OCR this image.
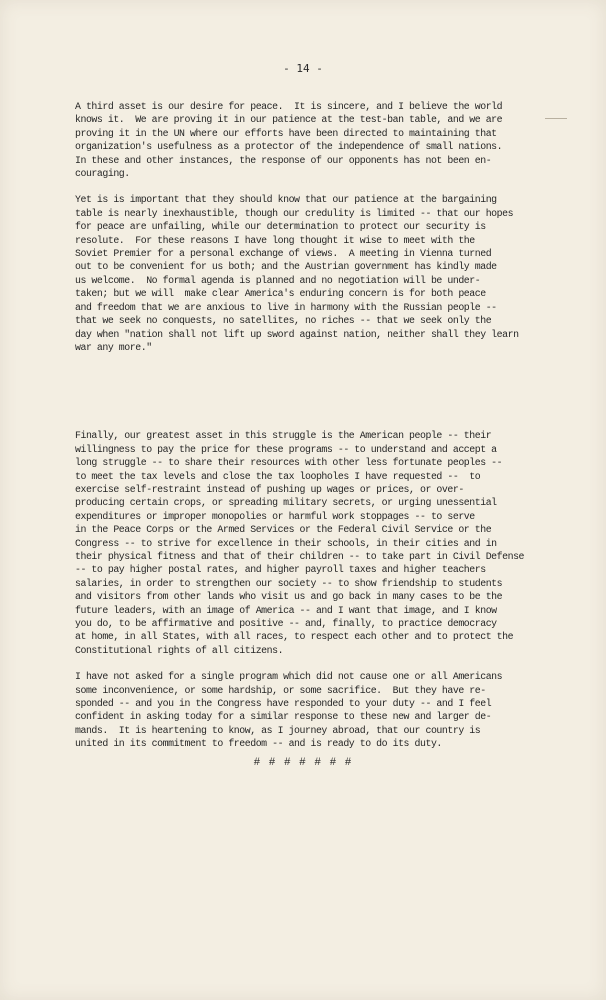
- 14 -
A third asset is our desire for peace.  It is sincere, and I believe the world
knows it.  We are proving it in our patience at the test-ban table, and we are
proving it in the UN where our efforts have been directed to maintaining that
organization's usefulness as a protector of the independence of small nations.
In these and other instances, the response of our opponents has not been en-
couraging.
Yet is is important that they should know that our patience at the bargaining
table is nearly inexhaustible, though our credulity is limited -- that our hopes
for peace are unfailing, while our determination to protect our security is
resolute.  For these reasons I have long thought it wise to meet with the
Soviet Premier for a personal exchange of views.  A meeting in Vienna turned
out to be convenient for us both; and the Austrian government has kindly made
us welcome.  No formal agenda is planned and no negotiation will be under-
taken; but we will  make clear America's enduring concern is for both peace
and freedom that we are anxious to live in harmony with the Russian people --
that we seek no conquests, no satellites, no riches -- that we seek only the
day when "nation shall not lift up sword against nation, neither shall they learn
war any more."
Finally, our greatest asset in this struggle is the American people -- their
willingness to pay the price for these programs -- to understand and accept a
long struggle -- to share their resources with other less fortunate peoples --
to meet the tax levels and close the tax loopholes I have requested --  to
exercise self-restraint instead of pushing up wages or prices, or over-
producing certain crops, or spreading military secrets, or urging unessential
expenditures or improper monopolies or harmful work stoppages -- to serve
in the Peace Corps or the Armed Services or the Federal Civil Service or the
Congress -- to strive for excellence in their schools, in their cities and in
their physical fitness and that of their children -- to take part in Civil Defense
-- to pay higher postal rates, and higher payroll taxes and higher teachers
salaries, in order to strengthen our society -- to show friendship to students
and visitors from other lands who visit us and go back in many cases to be the
future leaders, with an image of America -- and I want that image, and I know
you do, to be affirmative and positive -- and, finally, to practice democracy
at home, in all States, with all races, to respect each other and to protect the
Constitutional rights of all citizens.
I have not asked for a single program which did not cause one or all Americans
some inconvenience, or some hardship, or some sacrifice.  But they have re-
sponded -- and you in the Congress have responded to your duty -- and I feel
confident in asking today for a similar response to these new and larger de-
mands.  It is heartening to know, as I journey abroad, that our country is
united in its commitment to freedom -- and is ready to do its duty.
# # # # # # #
